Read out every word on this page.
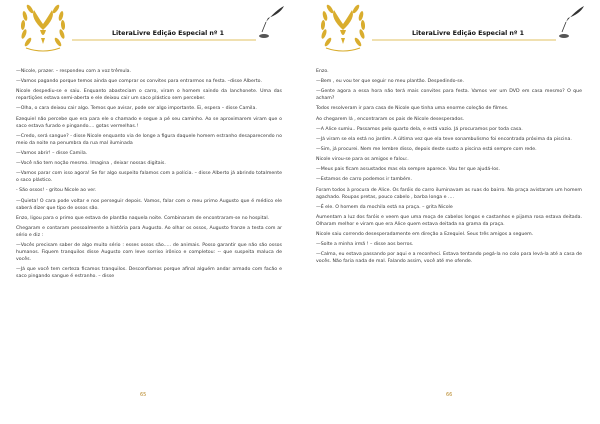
LiteraLivre Edição Especial nº 1

—Nicole, prazer. – respondeu com a voz trêmula.

—Vamos pagando porque temos ainda que comprar os convites para entrarmos na festa. –disse Alberto.

Nicole despediu-se e saiu. Enquanto abasteciam o carro, viram o homem saindo da lanchonete. Uma das repartições estava semi-aberta e ele deixou cair um saco plástico sem perceber.

—Olha, o cara deixou cair algo. Temos que avisar, pode ser algo importante. Ei, espera – disse Camila.

Ezequiel não percebe que era para ele o chamado e segue a pé seu caminho. Ao se aproximarem viram que o saco estava furado e pingando.... gotas vermelhas.!

—Credo, será sangue? - disse Nicole enquanto via de longe a figura daquele homem estranho desaparecendo no meio da noite na penumbra da rua mal iluminada

—Vamos abrir! – disse Camila.

—Você não tem noção mesmo. Imagina , deixar nossas digitais.

—Vamos parar com isso agora! Se for algo suspeito falamos com a polícia. – disse Alberto já abrindo totalmente o saco plástico.

- São ossos! - gritou Nicole ao ver.

—Quieta! O cara pode voltar e nos perseguir depois. Vamos, falar com o meu primo Augusto que é médico ele saberá dizer que tipo de ossos são.

Enzo, ligou para o primo que estava de plantão naquela noite. Combinaram de encontraram-se no hospital.

Chegaram e contaram pessoalmente a história para Augusto. Ao olhar os ossos, Augusto franze a testa com ar sério e diz :

—Vocês precisam saber de algo muito sério : esses ossos são..... de animais. Posso garantir que não são ossos humanos. Fiquem tranquilos disse Augusto com leve sorriso irônico e completou: -- que suspeita maluca de vocês.

—Já que você tem certeza ficamos tranquilos. Desconfiamos porque afinal alguém andar armado com facão e saco pingando sangue é estranho. – disse

65
LiteraLivre Edição Especial nº 1

Enzo.

—Bem , eu vou ter que seguir no meu plantão. Despedindo-se.

—Gente agora a essa hora não terá mais convites para festa. Vamos ver um DVD em casa mesmo? O que acham?

Todos resolveram ir para casa de Nicole que tinha uma enorme coleção de filmes.

Ao chegarem lá , encontraram os pais de Nicole desesperados.

—A Alice sumiu.. Passamos pelo quarto dela, e está vazio. Já procuramos por toda casa.

—Já viram se ela está no jardim. A última vez que ela teve sonambulismo foi encontrada próxima da piscina.

—Sim, já procurei. Nem me lembre disso, depois deste susto a piscina está sempre com rede.

Nicole virou-se para os amigos e falou:.

—Meus pais ficam assustados mas ela sempre aparece. Vou ter que ajudá-los.

—Estamos de carro podemos ir também.

Foram todos à procura de Alice. Os faróis do carro iluminavam as ruas do bairro. Na praça avistaram um homem agachado. Roupas pretas, pouco cabelo , barba longa e ....

—É ele. O homem da mochila está na praça. – grita Nicole

Aumentam a luz dos faróis e veem que uma moça de cabelos longos e castanhos e pijama rosa estava deitada. Olharam melhor e viram que era Alice quem estava deitada na grama da praça.

Nicole saiu correndo desesperadamente em direção a Ezequiel. Seus três amigos a seguem.

—Solte a minha irmã ! – disse aos berros.

—Calma, eu estava passando por aqui e a reconheci. Estava tentando pegá-la no colo para levá-la até a casa de vocês. Não faria nada de mal. Falando assim, você até me ofende.

66
